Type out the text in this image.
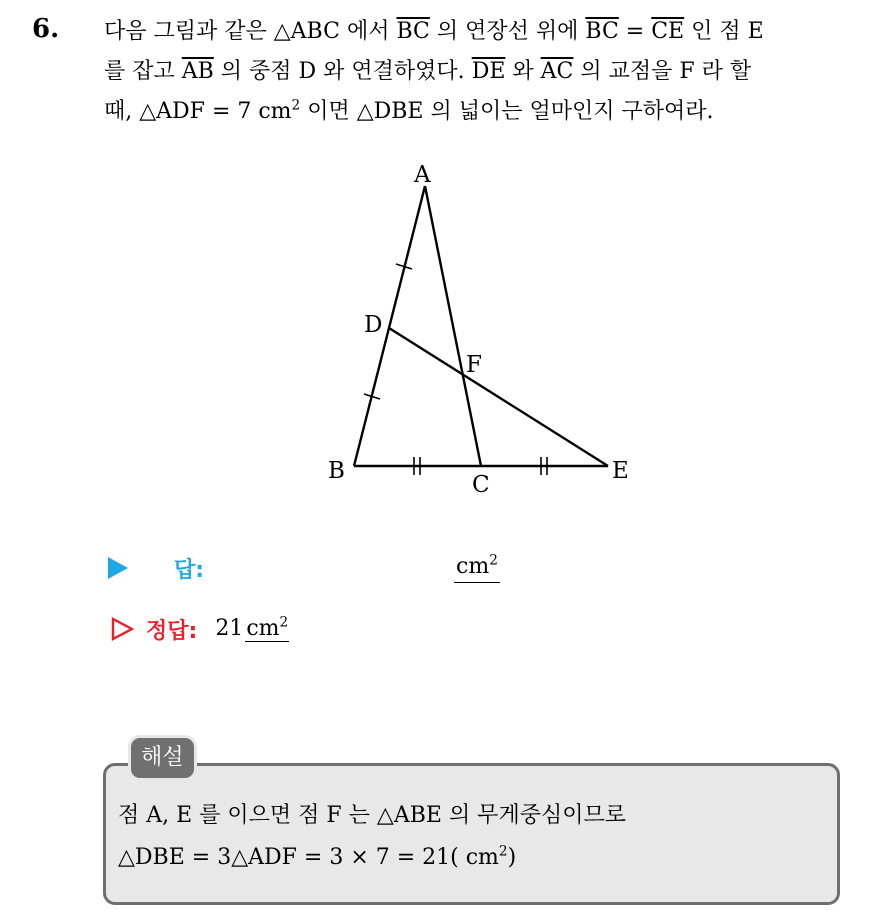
6. 다음 그림과 같은 △ABC 에서 $\overline{BC}$ 의 연장선 위에 $\overline{BC} = \overline{CE}$ 인 점 E
를 잡고 $\overline{AB}$ 의 중점 D 와 연결하였다. $\overline{DE}$ 와 $\overline{AC}$ 의 교점을 F 라 할
때, △ADF = 7 $cm^2$ 이면 △DBE 의 넓이는 얼마인지 구하여라.
A
D
F
B
C
E
답:	$cm^2$
정답: 21 $cm^2$
해설
점 A, E 를 이으면 점 F 는 △ABE 의 무게중심이므로
△DBE = 3△ADF = 3 × 7 = 21( $cm^2$)
